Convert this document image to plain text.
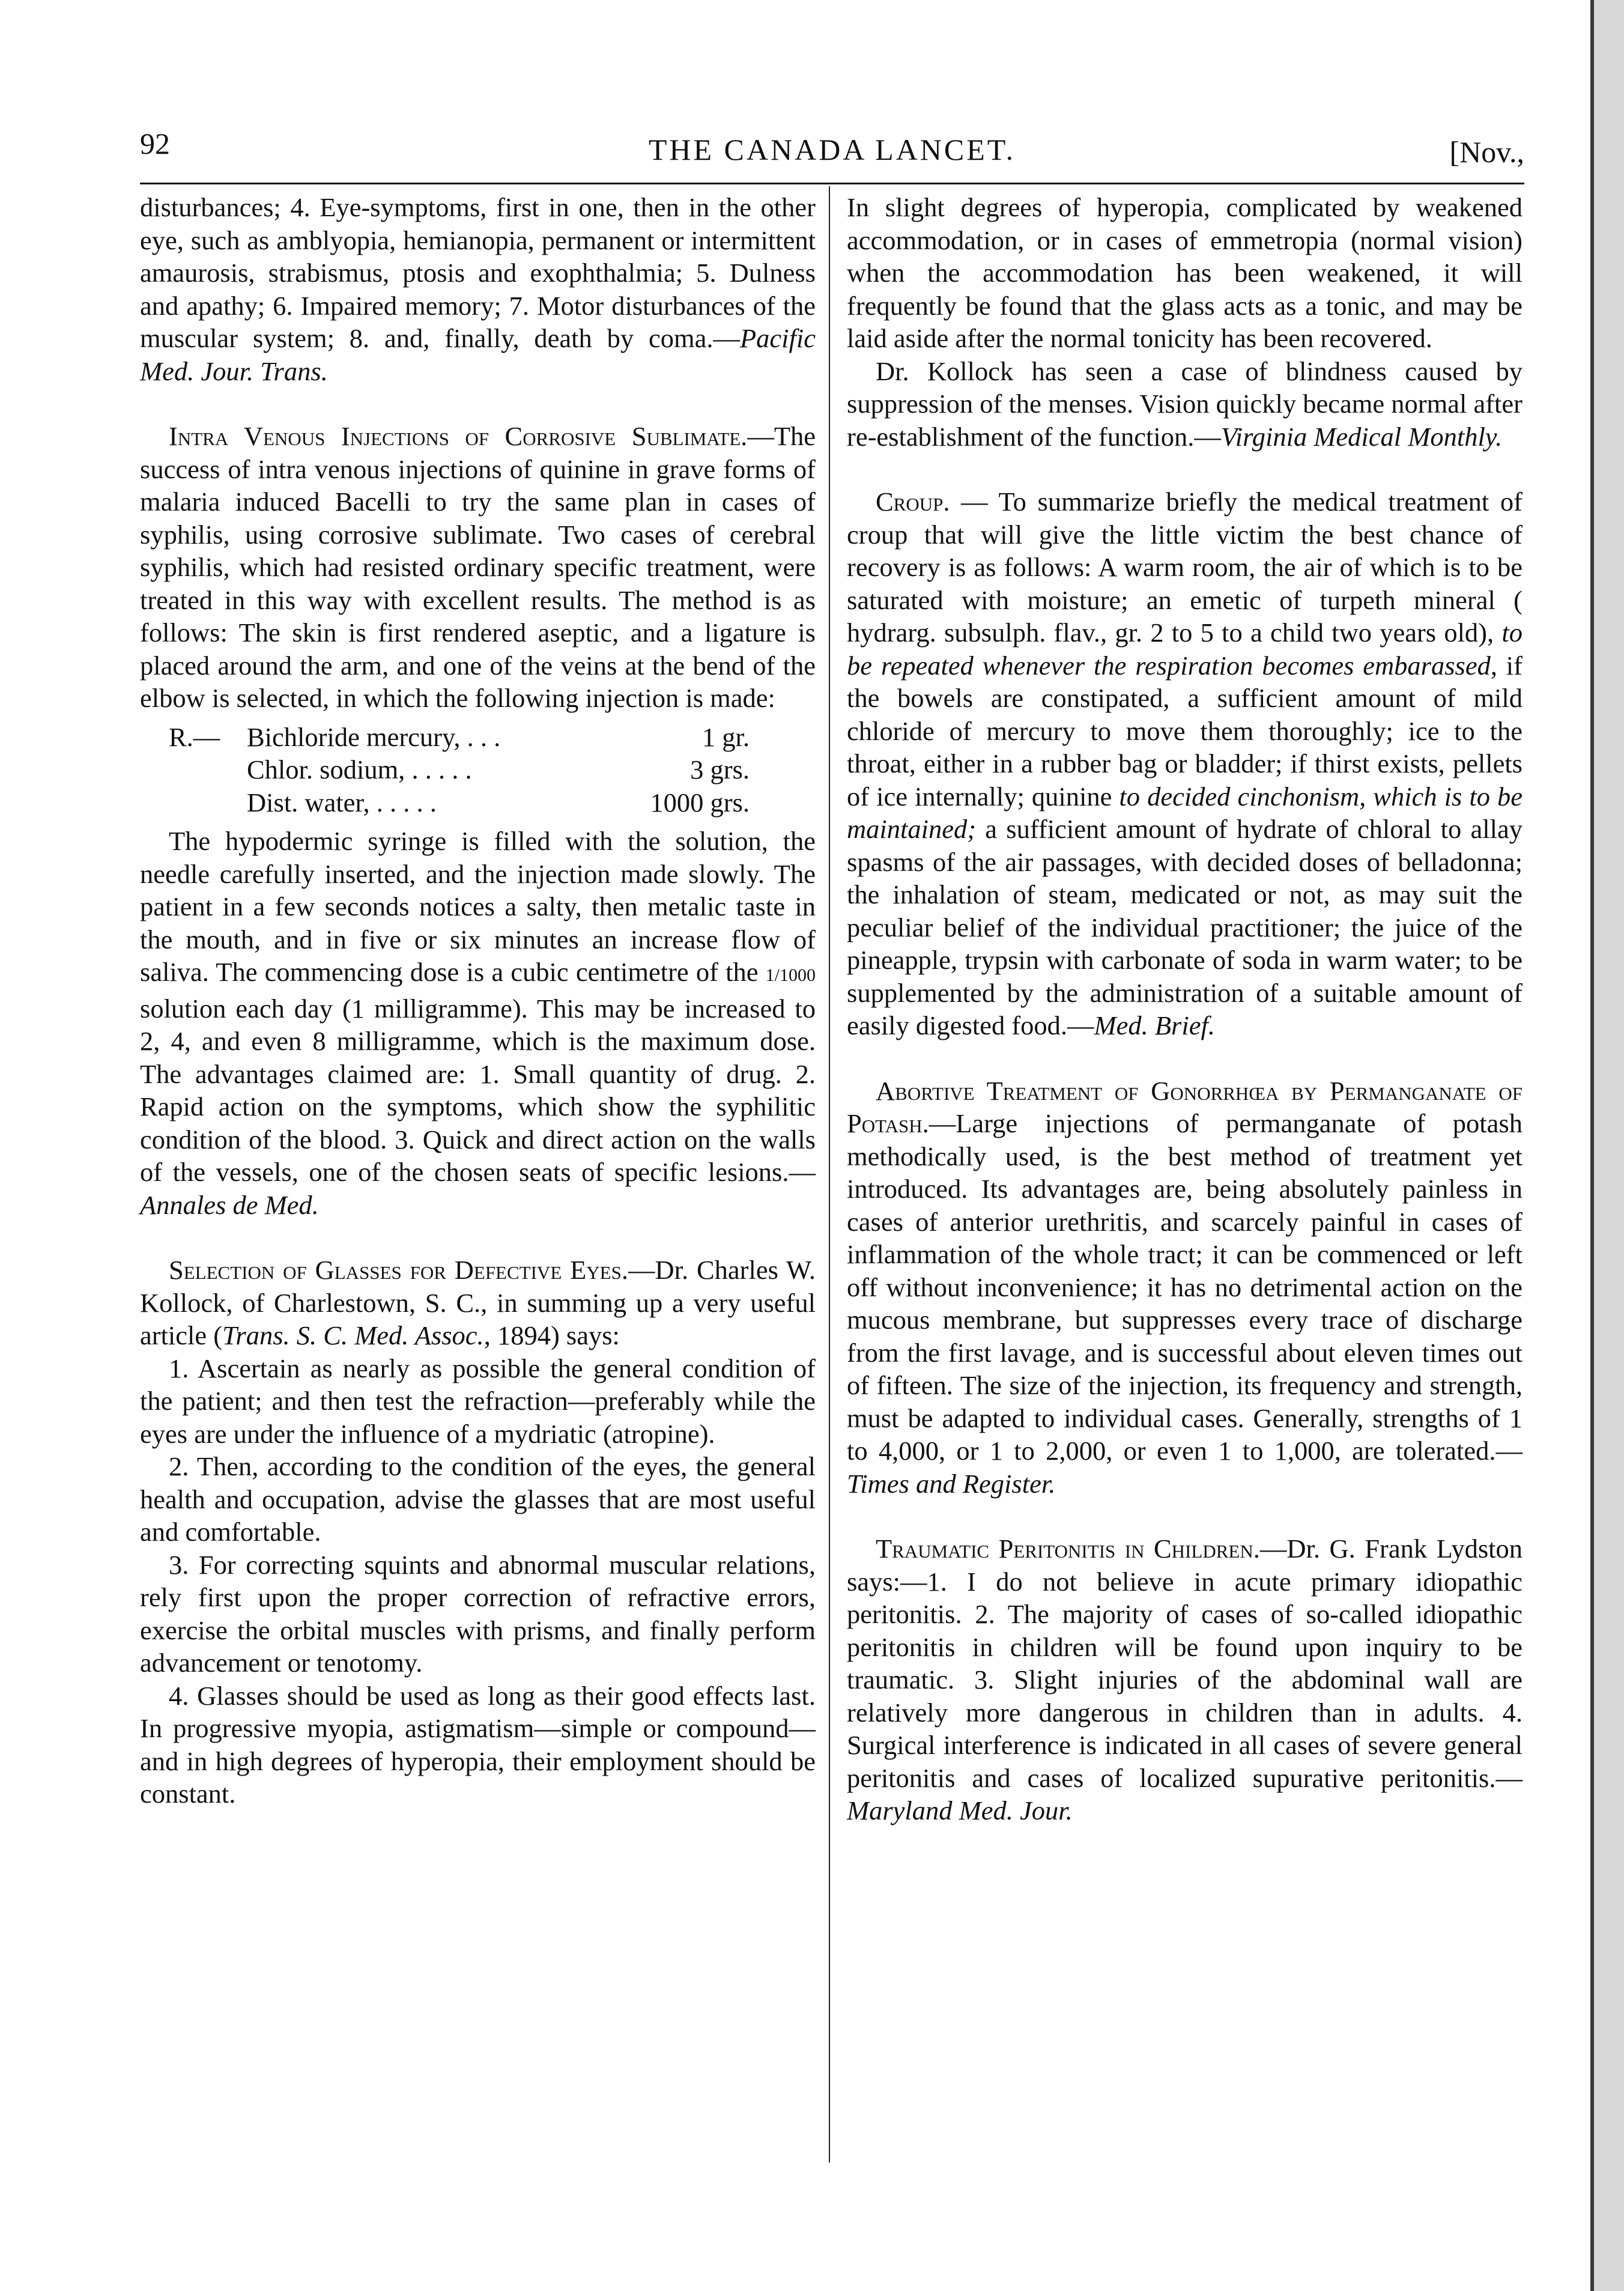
92	THE CANADA LANCET.	[Nov.,

disturbances; 4. Eye-symptoms, first in one, then in the other eye, such as amblyopia, hemianopia, permanent or intermittent amaurosis, strabismus, ptosis and exophthalmia; 5. Dulness and apathy; 6. Impaired memory; 7. Motor disturbances of the muscular system; 8. and, finally, death by coma.—Pacific Med. Jour. Trans.

Intra Venous Injections of Corrosive Sublimate.—The success of intra venous injections of quinine in grave forms of malaria induced Bacelli to try the same plan in cases of syphilis, using corrosive sublimate. Two cases of cerebral syphilis, which had resisted ordinary specific treatment, were treated in this way with excellent results. The method is as follows: The skin is first rendered aseptic, and a ligature is placed around the arm, and one of the veins at the bend of the elbow is selected, in which the following injection is made:

R.—	Bichloride mercury, . . .	1 gr.
Chlor. sodium, . . . . .	3 grs.
Dist. water, . . . . .	1000 grs.

The hypodermic syringe is filled with the solution, the needle carefully inserted, and the injection made slowly. The patient in a few seconds notices a salty, then metalic taste in the mouth, and in five or six minutes an increase flow of saliva. The commencing dose is a cubic centimetre of the 1/1000 solution each day (1 milligramme). This may be increased to 2, 4, and even 8 milligramme, which is the maximum dose. The advantages claimed are: 1. Small quantity of drug. 2. Rapid action on the symptoms, which show the syphilitic condition of the blood. 3. Quick and direct action on the walls of the vessels, one of the chosen seats of specific lesions.—Annales de Med.

Selection of Glasses for Defective Eyes.—Dr. Charles W. Kollock, of Charlestown, S. C., in summing up a very useful article (Trans. S. C. Med. Assoc., 1894) says:

1. Ascertain as nearly as possible the general condition of the patient; and then test the refraction—preferably while the eyes are under the influence of a mydriatic (atropine).

2. Then, according to the condition of the eyes, the general health and occupation, advise the glasses that are most useful and comfortable.

3. For correcting squints and abnormal muscular relations, rely first upon the proper correction of refractive errors, exercise the orbital muscles with prisms, and finally perform advancement or tenotomy.

4. Glasses should be used as long as their good effects last. In progressive myopia, astigmatism—simple or compound—and in high degrees of hyperopia, their employment should be constant.

In slight degrees of hyperopia, complicated by weakened accommodation, or in cases of emmetropia (normal vision) when the accommodation has been weakened, it will frequently be found that the glass acts as a tonic, and may be laid aside after the normal tonicity has been recovered.

Dr. Kollock has seen a case of blindness caused by suppression of the menses. Vision quickly became normal after re-establishment of the function.—Virginia Medical Monthly.

Croup. — To summarize briefly the medical treatment of croup that will give the little victim the best chance of recovery is as follows: A warm room, the air of which is to be saturated with moisture; an emetic of turpeth mineral ( hydrarg. subsulph. flav., gr. 2 to 5 to a child two years old), to be repeated whenever the respiration becomes embarassed, if the bowels are constipated, a sufficient amount of mild chloride of mercury to move them thoroughly; ice to the throat, either in a rubber bag or bladder; if thirst exists, pellets of ice internally; quinine to decided cinchonism, which is to be maintained; a sufficient amount of hydrate of chloral to allay spasms of the air passages, with decided doses of belladonna; the inhalation of steam, medicated or not, as may suit the peculiar belief of the individual practitioner; the juice of the pineapple, trypsin with carbonate of soda in warm water; to be supplemented by the administration of a suitable amount of easily digested food.—Med. Brief.

Abortive Treatment of Gonorrhœa by Permanganate of Potash.—Large injections of permanganate of potash methodically used, is the best method of treatment yet introduced. Its advantages are, being absolutely painless in cases of anterior urethritis, and scarcely painful in cases of inflammation of the whole tract; it can be commenced or left off without inconvenience; it has no detrimental action on the mucous membrane, but suppresses every trace of discharge from the first lavage, and is successful about eleven times out of fifteen. The size of the injection, its frequency and strength, must be adapted to individual cases. Generally, strengths of 1 to 4,000, or 1 to 2,000, or even 1 to 1,000, are tolerated.—Times and Register.

Traumatic Peritonitis in Children.—Dr. G. Frank Lydston says:—1. I do not believe in acute primary idiopathic peritonitis. 2. The majority of cases of so-called idiopathic peritonitis in children will be found upon inquiry to be traumatic. 3. Slight injuries of the abdominal wall are relatively more dangerous in children than in adults. 4. Surgical interference is indicated in all cases of severe general peritonitis and cases of localized supurative peritonitis.—Maryland Med. Jour.
